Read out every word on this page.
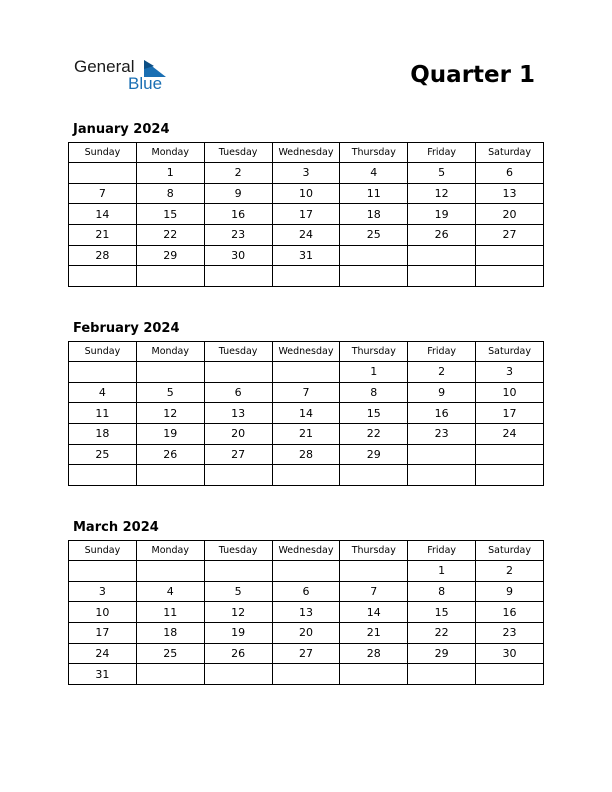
General
Blue	Quarter 1
January 2024
Sunday	Monday	Tuesday	Wednesday	Thursday	Friday	Saturday
	1	2	3	4	5	6
7	8	9	10	11	12	13
14	15	16	17	18	19	20
21	22	23	24	25	26	27
28	29	30	31			

February 2024
Sunday	Monday	Tuesday	Wednesday	Thursday	Friday	Saturday
				1	2	3
4	5	6	7	8	9	10
11	12	13	14	15	16	17
18	19	20	21	22	23	24
25	26	27	28	29		

March 2024
Sunday	Monday	Tuesday	Wednesday	Thursday	Friday	Saturday
					1	2
3	4	5	6	7	8	9
10	11	12	13	14	15	16
17	18	19	20	21	22	23
24	25	26	27	28	29	30
31						
